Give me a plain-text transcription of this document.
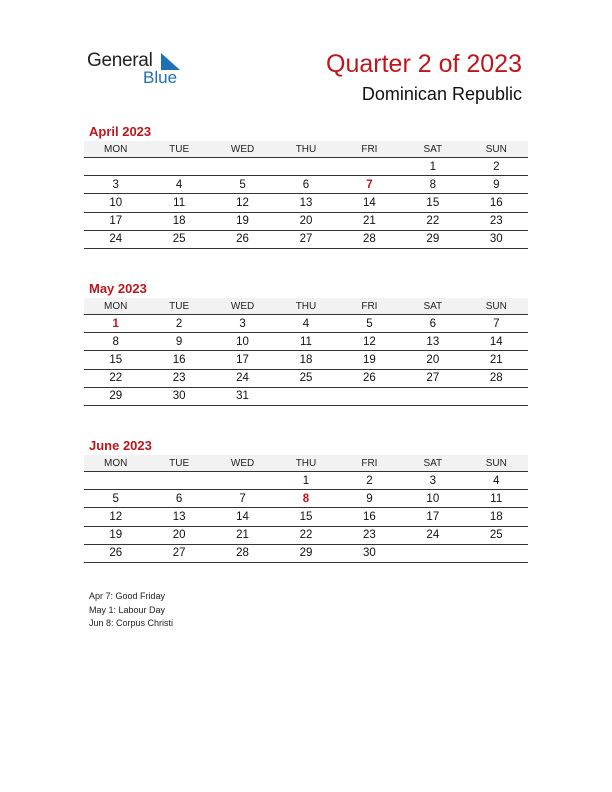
General
Blue	Quarter 2 of 2023
Dominican Republic
April 2023
MON	TUE	WED	THU	FRI	SAT	SUN
					1	2
3	4	5	6	7	8	9
10	11	12	13	14	15	16
17	18	19	20	21	22	23
24	25	26	27	28	29	30
May 2023
MON	TUE	WED	THU	FRI	SAT	SUN
1	2	3	4	5	6	7
8	9	10	11	12	13	14
15	16	17	18	19	20	21
22	23	24	25	26	27	28
29	30	31				
June 2023
MON	TUE	WED	THU	FRI	SAT	SUN
			1	2	3	4
5	6	7	8	9	10	11
12	13	14	15	16	17	18
19	20	21	22	23	24	25
26	27	28	29	30		
Apr 7: Good Friday
May 1: Labour Day
Jun 8: Corpus Christi
